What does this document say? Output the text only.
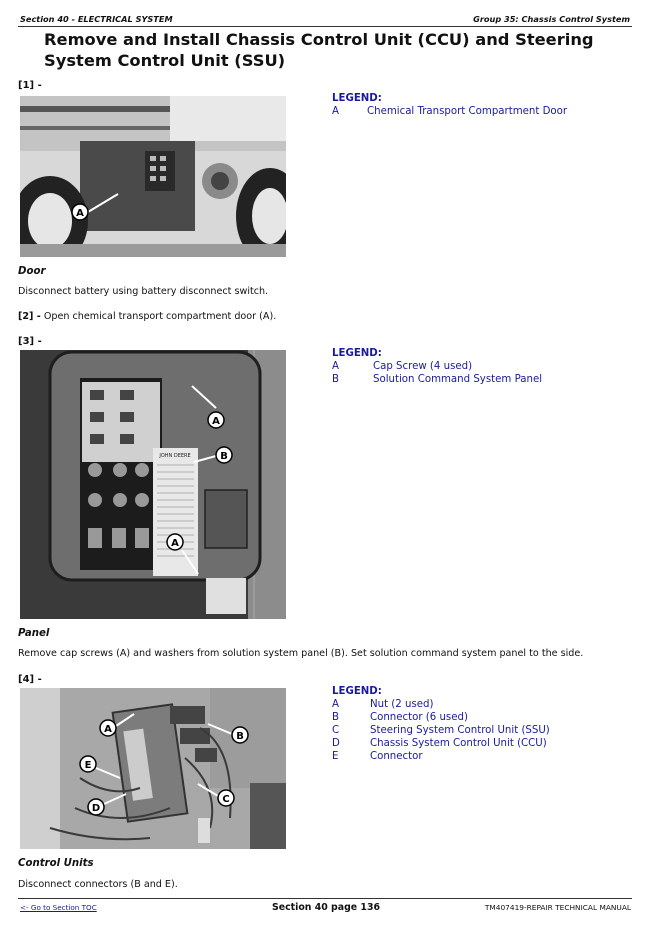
Section 40 - ELECTRICAL SYSTEM	Group 35: Chassis Control System
Remove and Install Chassis Control Unit (CCU) and Steering System Control Unit (SSU)
[1] -
A
LEGEND:
A	Chemical Transport Compartment Door
Door
Disconnect battery using battery disconnect switch.
[2] - Open chemical transport compartment door (A).
[3] -
JOHN DEERE
A
B
A
LEGEND:
A	Cap Screw (4 used)
B	Solution Command System Panel
Panel
Remove cap screws (A) and washers from solution system panel (B). Set solution command system panel to the side.
[4] -
A
B
E
D
C
LEGEND:
A	Nut (2 used)
B	Connector (6 used)
C	Steering System Control Unit (SSU)
D	Chassis System Control Unit (CCU)
E	Connector
Control Units
Disconnect connectors (B and E).
<- Go to Section TOC	Section 40 page 136	TM407419-REPAIR TECHNICAL MANUAL
